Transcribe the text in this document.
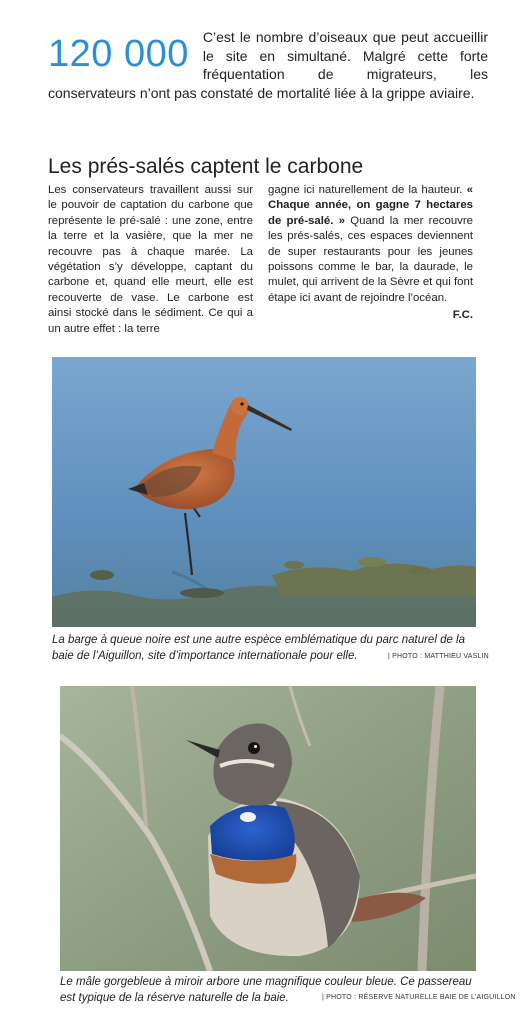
120 000	C’est le nombre d’oiseaux que peut accueillir le site en simultané. Malgré cette forte fréquentation de migrateurs, les conservateurs n’ont pas constaté de mortalité liée à la grippe aviaire.
Les prés-salés captent le carbone
Les conservateurs travaillent aussi sur le pouvoir de captation du carbone que représente le pré-salé : une zone, entre la terre et la vasière, que la mer ne recouvre pas à chaque marée. La végétation s’y développe, captant du carbone et, quand elle meurt, elle est recouverte de vase. Le carbone est ainsi stocké dans le sédiment. Ce qui a un autre effet : la terre
gagne ici naturellement de la hauteur. « Chaque année, on gagne 7 hectares de pré-salé. » Quand la mer recouvre les prés-salés, ces espaces deviennent de super restaurants pour les jeunes poissons comme le bar, la daurade, le mulet, qui arrivent de la Sèvre et qui font étape ici avant de rejoindre l’océan.
F.C.
La barge à queue noire est une autre espèce emblématique du parc naturel de la baie de l’Aiguillon, site d’importance internationale pour elle.	| PHOTO : MATTHIEU VASLIN
Le mâle gorgebleue à miroir arbore une magnifique couleur bleue. Ce passereau est typique de la réserve naturelle de la baie.	| PHOTO : RÉSERVE NATURELLE BAIE DE L’AIGUILLON
